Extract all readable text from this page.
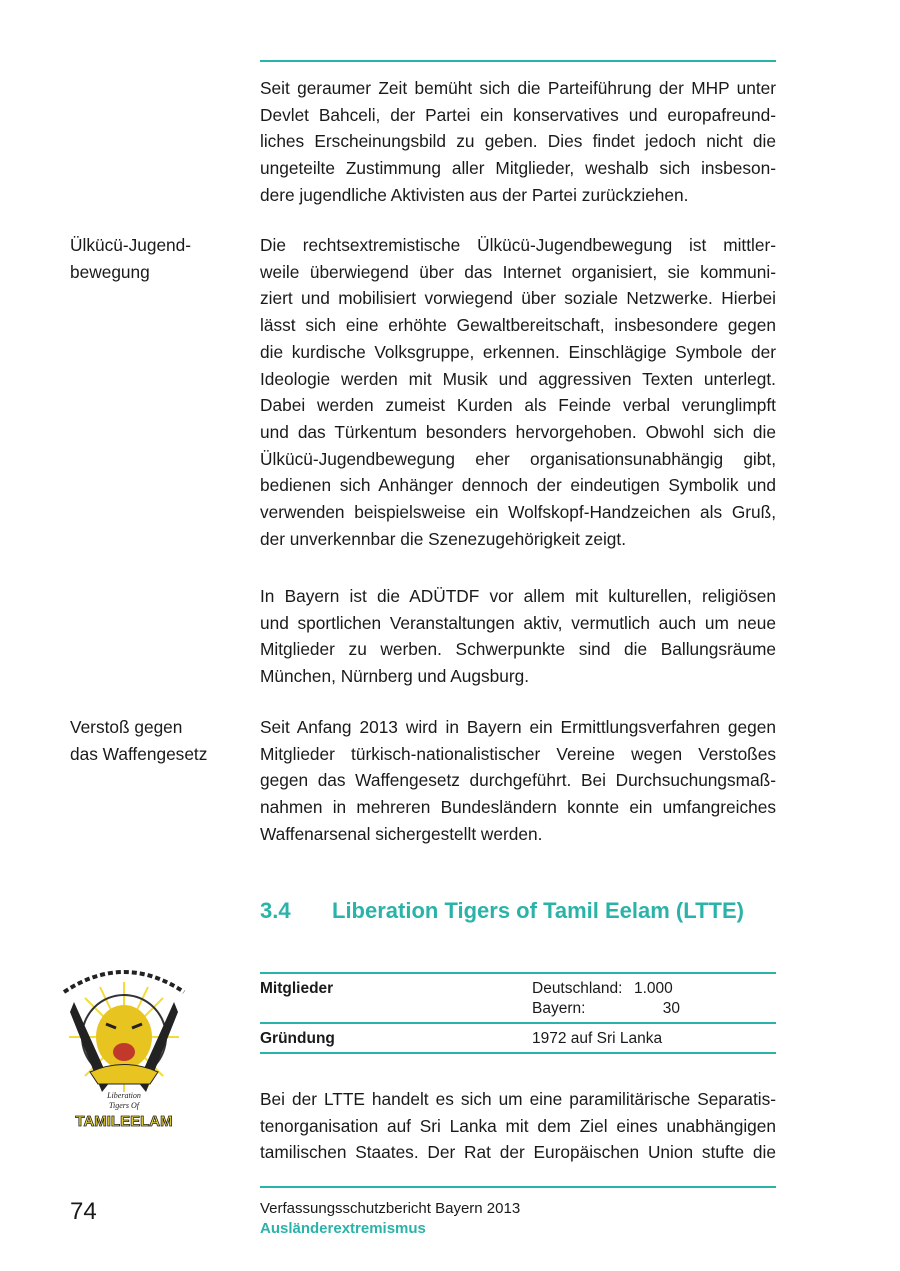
Seit geraumer Zeit bemüht sich die Parteiführung der MHP unter
Devlet Bahceli, der Partei ein konservatives und europafreund-
liches Erscheinungsbild zu geben. Dies findet jedoch nicht die
ungeteilte Zustimmung aller Mitglieder, weshalb sich insbeson-
dere jugendliche Aktivisten aus der Partei zurückziehen.
Ülkücü-Jugend-
bewegung
Die rechtsextremistische Ülkücü-Jugendbewegung ist mittler-
weile überwiegend über das Internet organisiert, sie kommuni-
ziert und mobilisiert vorwiegend über soziale Netzwerke. Hierbei
lässt sich eine erhöhte Gewaltbereitschaft, insbesondere gegen
die kurdische Volksgruppe, erkennen. Einschlägige Symbole der
Ideologie werden mit Musik und aggressiven Texten unterlegt.
Dabei werden zumeist Kurden als Feinde verbal verunglimpft
und das Türkentum besonders hervorgehoben. Obwohl sich die
Ülkücü-Jugendbewegung eher organisationsunabhängig gibt,
bedienen sich Anhänger dennoch der eindeutigen Symbolik und
verwenden beispielsweise ein Wolfskopf-Handzeichen als Gruß,
der unverkennbar die Szenezugehörigkeit zeigt.
In Bayern ist die ADÜTDF vor allem mit kulturellen, religiösen
und sportlichen Veranstaltungen aktiv, vermutlich auch um neue
Mitglieder zu werben. Schwerpunkte sind die Ballungsräume
München, Nürnberg und Augsburg.
Verstoß gegen
das Waffengesetz
Seit Anfang 2013 wird in Bayern ein Ermittlungsverfahren gegen
Mitglieder türkisch-nationalistischer Vereine wegen Verstoßes
gegen das Waffengesetz durchgeführt. Bei Durchsuchungsmaß-
nahmen in mehreren Bundesländern konnte ein umfangreiches
Waffenarsenal sichergestellt werden.
3.4 Liberation Tigers of Tamil Eelam (LTTE)
Liberation
Tigers Of
TAMILEELAM
Mitglieder	Deutschland: 1.000
Bayern:	30
Gründung	1972 auf Sri Lanka
Bei der LTTE handelt es sich um eine paramilitärische Separatis-
tenorganisation auf Sri Lanka mit dem Ziel eines unabhängigen
tamilischen Staates. Der Rat der Europäischen Union stufte die
74	Verfassungsschutzbericht Bayern 2013
Ausländerextremismus
